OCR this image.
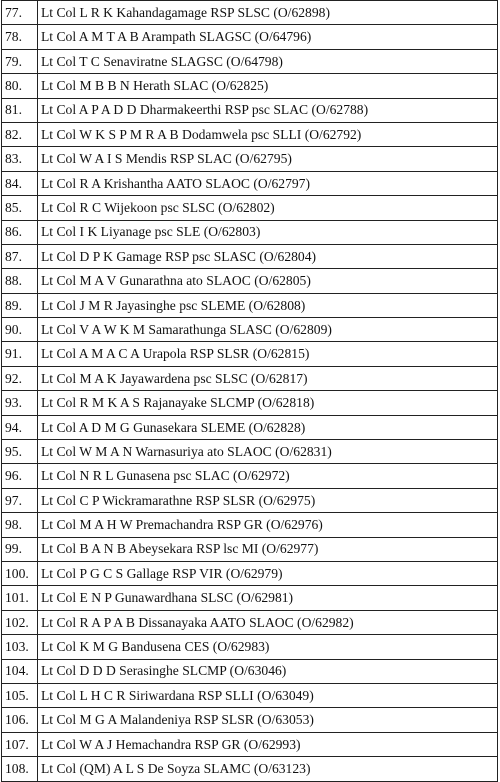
77.	Lt Col L R K Kahandagamage RSP SLSC (O/62898)
78.	Lt Col A M T A B Arampath SLAGSC (O/64796)
79.	Lt Col T C Senaviratne SLAGSC (O/64798)
80.	Lt Col M B B N Herath SLAC (O/62825)
81.	Lt Col A P A D D Dharmakeerthi RSP psc SLAC (O/62788)
82.	Lt Col W K S P M R A B Dodamwela psc SLLI (O/62792)
83.	Lt Col W A I S Mendis RSP SLAC (O/62795)
84.	Lt Col R A Krishantha AATO SLAOC (O/62797)
85.	Lt Col R C Wijekoon psc SLSC (O/62802)
86.	Lt Col I K Liyanage psc SLE (O/62803)
87.	Lt Col D P K Gamage RSP psc SLASC (O/62804)
88.	Lt Col M A V Gunarathna ato SLAOC (O/62805)
89.	Lt Col J M R Jayasinghe psc SLEME (O/62808)
90.	Lt Col V A W K M Samarathunga SLASC (O/62809)
91.	Lt Col A M A C A Urapola RSP SLSR (O/62815)
92.	Lt Col M A K Jayawardena psc SLSC (O/62817)
93.	Lt Col R M K A S Rajanayake SLCMP (O/62818)
94.	Lt Col A D M G Gunasekara SLEME (O/62828)
95.	Lt Col W M A N Warnasuriya ato SLAOC (O/62831)
96.	Lt Col N R L Gunasena psc SLAC (O/62972)
97.	Lt Col C P Wickramarathne RSP SLSR (O/62975)
98.	Lt Col M A H W Premachandra RSP GR (O/62976)
99.	Lt Col B A N B Abeysekara RSP lsc MI (O/62977)
100.	Lt Col P G C S Gallage RSP VIR (O/62979)
101.	Lt Col E N P Gunawardhana SLSC (O/62981)
102.	Lt Col R A P A B Dissanayaka AATO SLAOC (O/62982)
103.	Lt Col K M G Bandusena CES (O/62983)
104.	Lt Col D D D Serasinghe SLCMP (O/63046)
105.	Lt Col L H C R Siriwardana RSP SLLI (O/63049)
106.	Lt Col M G A Malandeniya RSP SLSR (O/63053)
107.	Lt Col W A J Hemachandra RSP GR (O/62993)
108.	Lt Col (QM) A L S De Soyza SLAMC (O/63123)
